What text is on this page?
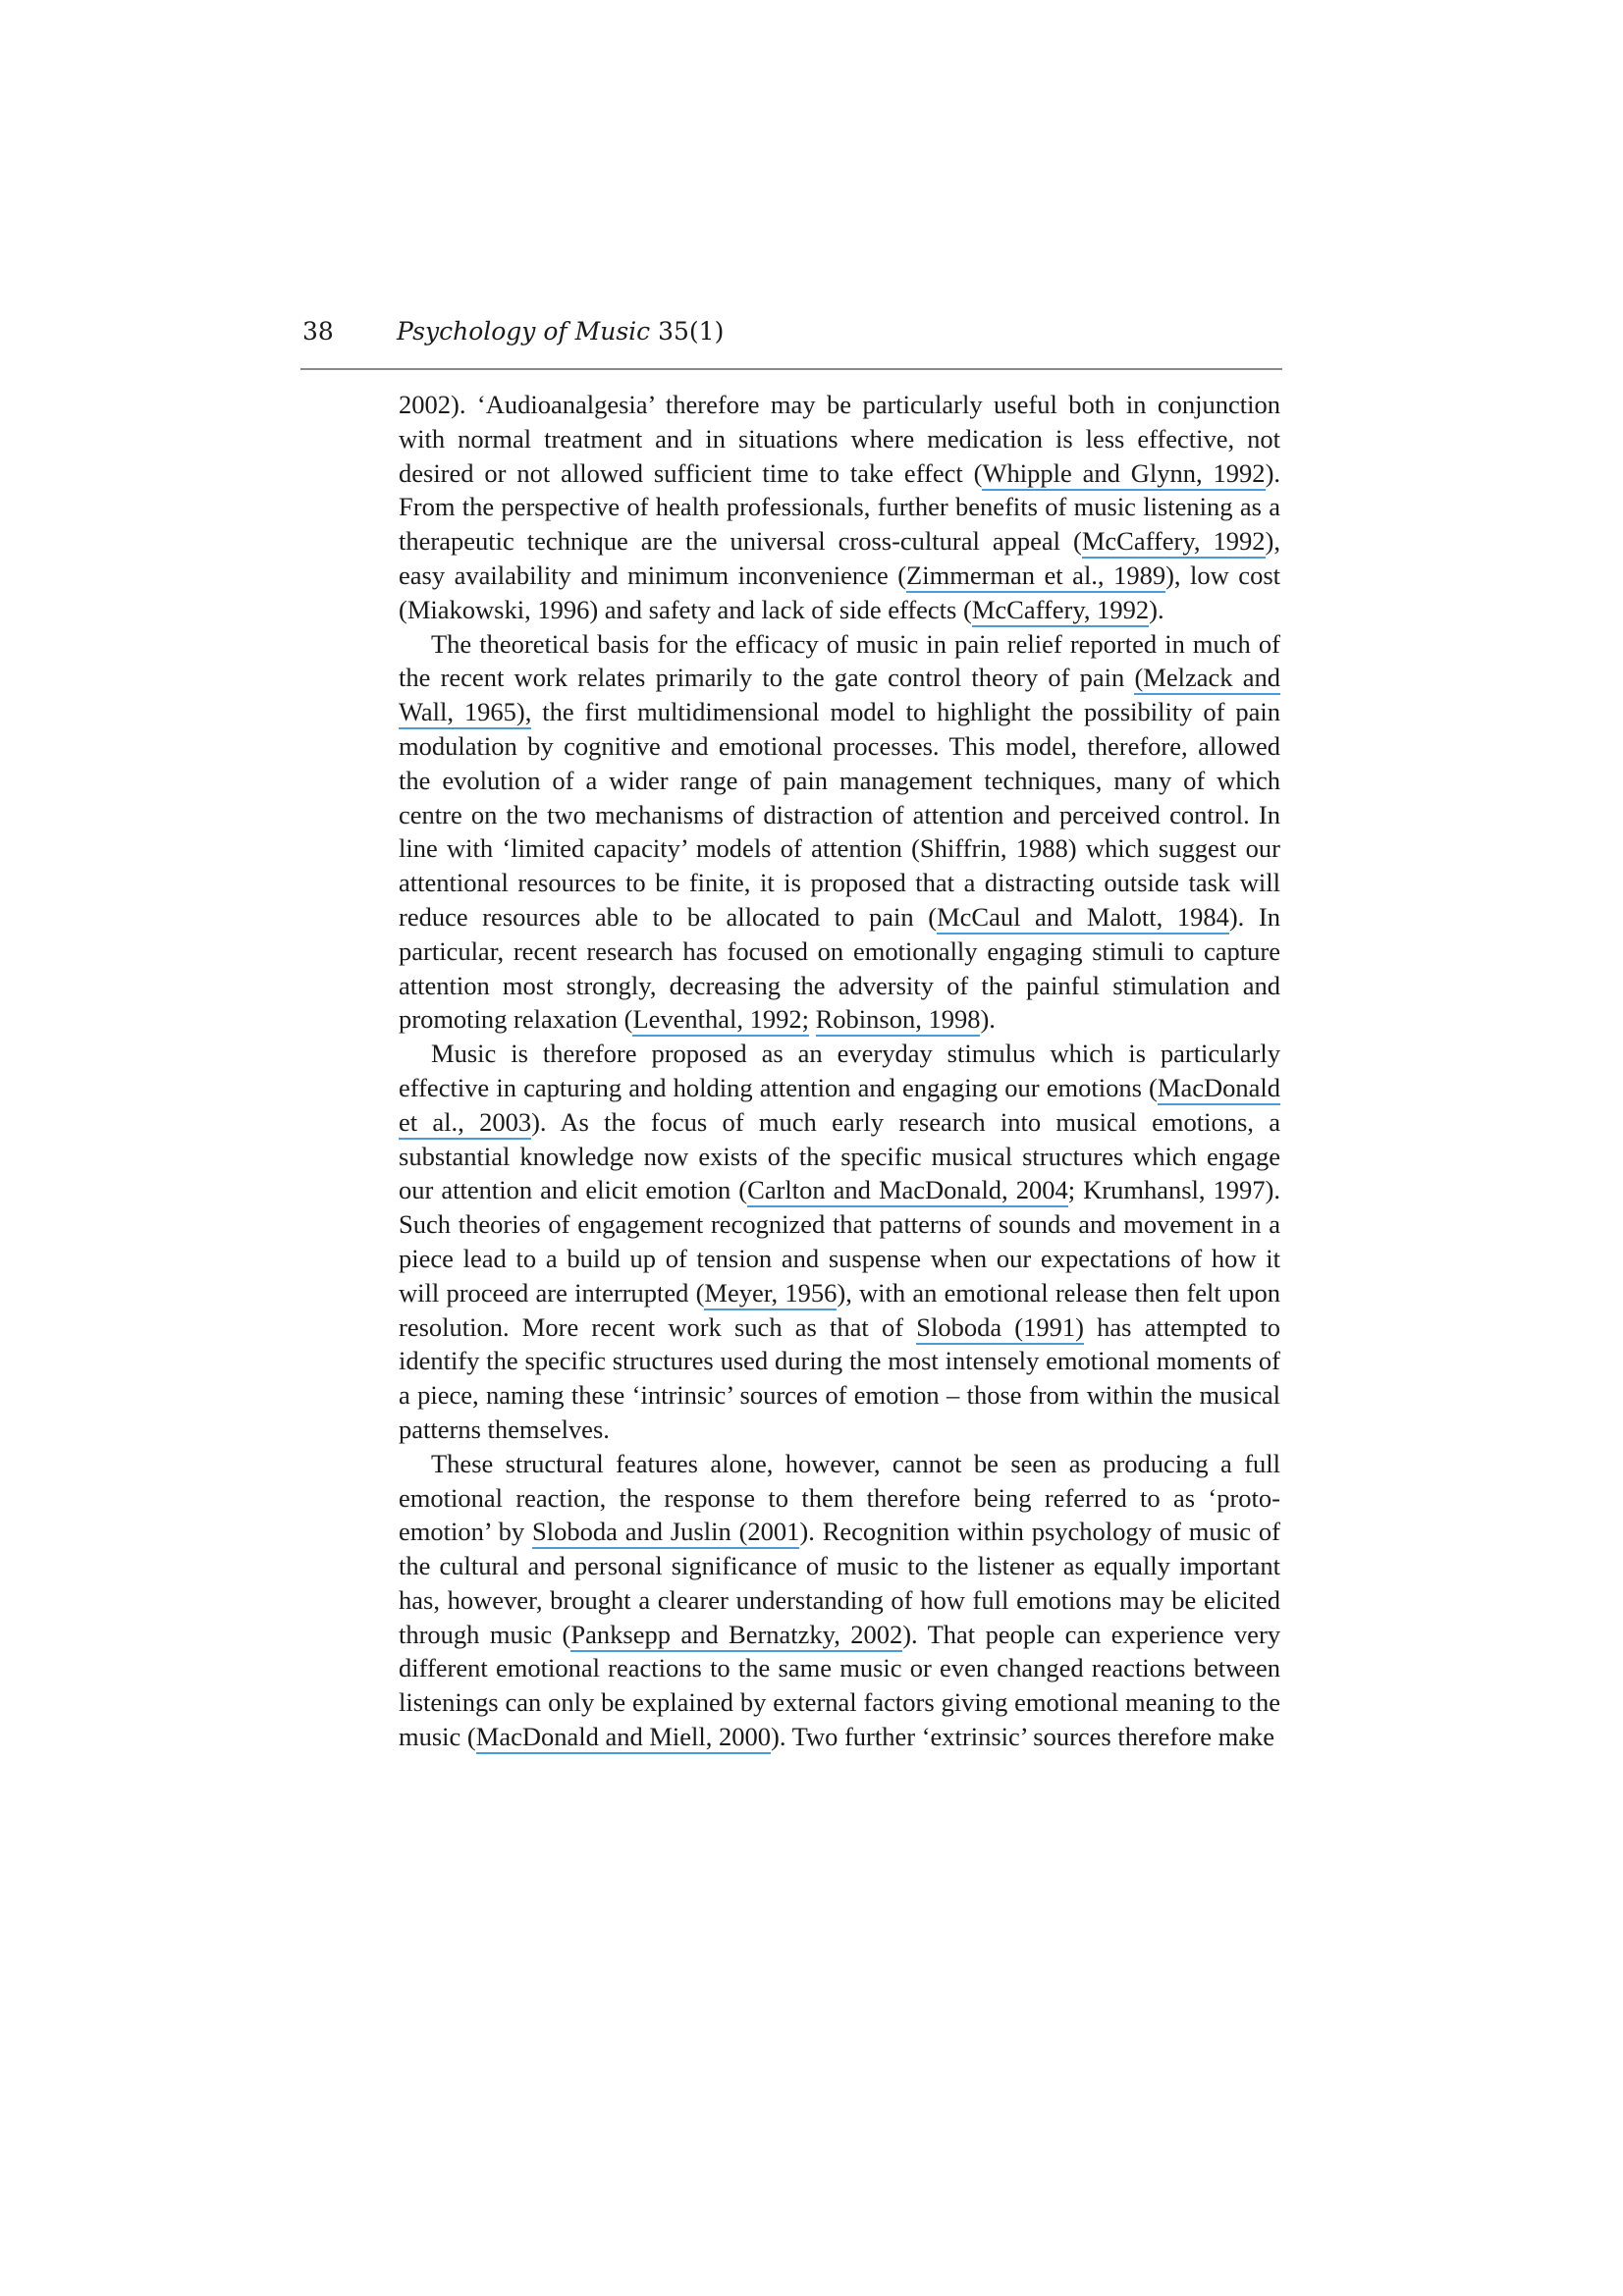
38	Psychology of Music 35(1)

2002). ‘Audioanalgesia’ therefore may be particularly useful both in conjunction with normal treatment and in situations where medication is less effective, not desired or not allowed sufficient time to take effect (Whipple and Glynn, 1992). From the perspective of health professionals, further benefits of music listening as a therapeutic technique are the universal cross-cultural appeal (McCaffery, 1992), easy availability and minimum inconvenience (Zimmerman et al., 1989), low cost (Miakowski, 1996) and safety and lack of side effects (McCaffery, 1992).

The theoretical basis for the efficacy of music in pain relief reported in much of the recent work relates primarily to the gate control theory of pain (Melzack and Wall, 1965), the first multidimensional model to highlight the possibility of pain modulation by cognitive and emotional processes. This model, therefore, allowed the evolution of a wider range of pain management techniques, many of which centre on the two mechanisms of distraction of attention and perceived control. In line with ‘limited capacity’ models of attention (Shiffrin, 1988) which suggest our attentional resources to be finite, it is proposed that a distracting outside task will reduce resources able to be allocated to pain (McCaul and Malott, 1984). In particular, recent research has focused on emotionally engaging stimuli to capture attention most strongly, decreasing the adversity of the painful stimulation and promoting relaxation (Leventhal, 1992; Robinson, 1998).

Music is therefore proposed as an everyday stimulus which is particularly effective in capturing and holding attention and engaging our emotions (MacDonald et al., 2003). As the focus of much early research into musical emotions, a substantial knowledge now exists of the specific musical structures which engage our attention and elicit emotion (Carlton and MacDonald, 2004; Krumhansl, 1997). Such theories of engagement recognized that patterns of sounds and movement in a piece lead to a build up of tension and suspense when our expectations of how it will proceed are interrupted (Meyer, 1956), with an emotional release then felt upon resolution. More recent work such as that of Sloboda (1991) has attempted to identify the specific structures used during the most intensely emotional moments of a piece, naming these ‘intrinsic’ sources of emotion – those from within the musical patterns themselves.

These structural features alone, however, cannot be seen as producing a full emotional reaction, the response to them therefore being referred to as ‘proto-emotion’ by Sloboda and Juslin (2001). Recognition within psychology of music of the cultural and personal significance of music to the listener as equally important has, however, brought a clearer understanding of how full emotions may be elicited through music (Panksepp and Bernatzky, 2002). That people can experience very different emotional reactions to the same music or even changed reactions between listenings can only be explained by external factors giving emotional meaning to the music (MacDonald and Miell, 2000). Two further ‘extrinsic’ sources therefore make
